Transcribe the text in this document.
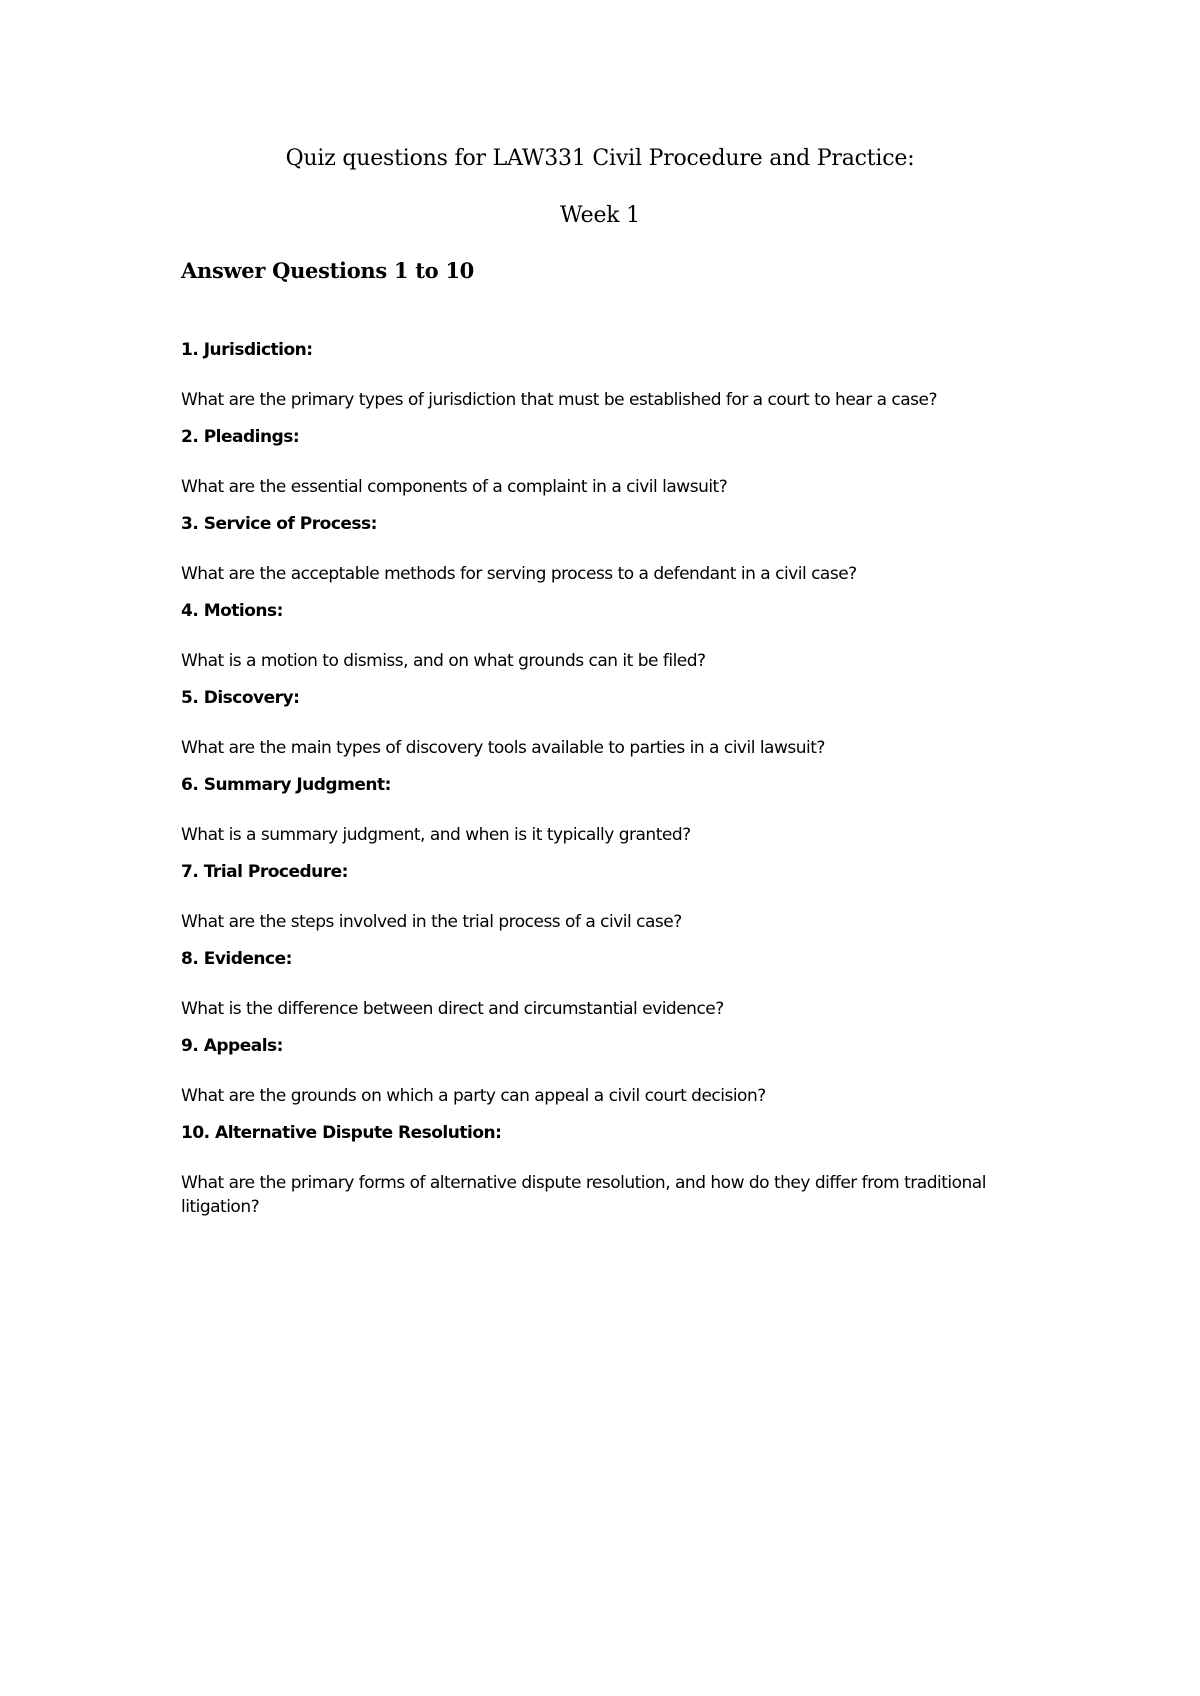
Quiz questions for LAW331 Civil Procedure and Practice:
Week 1
Answer Questions 1 to 10

1. Jurisdiction:

What are the primary types of jurisdiction that must be established for a court to hear a case?

2. Pleadings:

What are the essential components of a complaint in a civil lawsuit?

3. Service of Process:

What are the acceptable methods for serving process to a defendant in a civil case?

4. Motions:

What is a motion to dismiss, and on what grounds can it be filed?

5. Discovery:

What are the main types of discovery tools available to parties in a civil lawsuit?

6. Summary Judgment:

What is a summary judgment, and when is it typically granted?

7. Trial Procedure:

What are the steps involved in the trial process of a civil case?

8. Evidence:

What is the difference between direct and circumstantial evidence?

9. Appeals:

What are the grounds on which a party can appeal a civil court decision?

10. Alternative Dispute Resolution:

What are the primary forms of alternative dispute resolution, and how do they differ from traditional litigation?
